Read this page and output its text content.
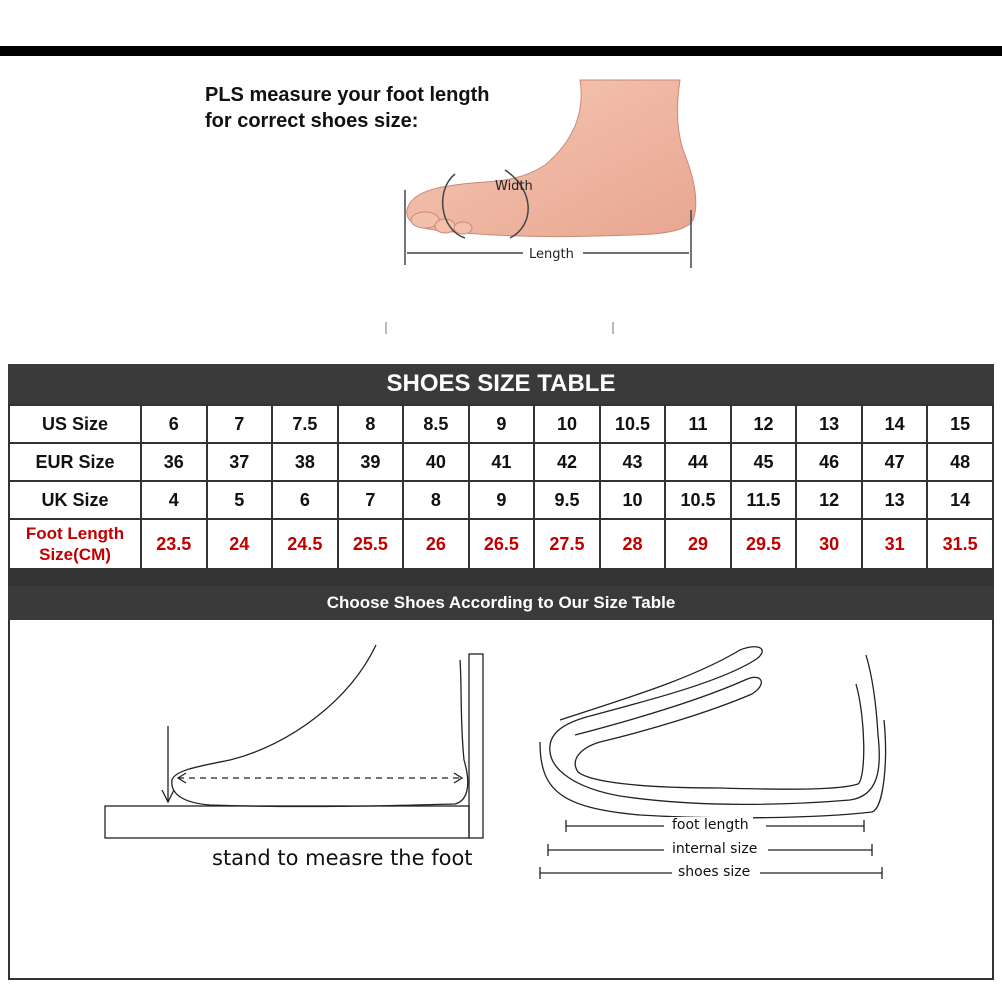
PLS measure your foot length
for correct shoes size:
Width
Length
SHOES SIZE TABLE
US Size	6	7	7.5	8	8.5	9	10	10.5	11	12	13	14	15
EUR Size	36	37	38	39	40	41	42	43	44	45	46	47	48
UK Size	4	5	6	7	8	9	9.5	10	10.5	11.5	12	13	14

Foot Length
Size(CM)	23.5	24	24.5	25.5	26	26.5	27.5	28	29	29.5	30	31	31.5
Choose Shoes According to Our Size Table
stand to measre the foot
foot length
internal size
shoes size
